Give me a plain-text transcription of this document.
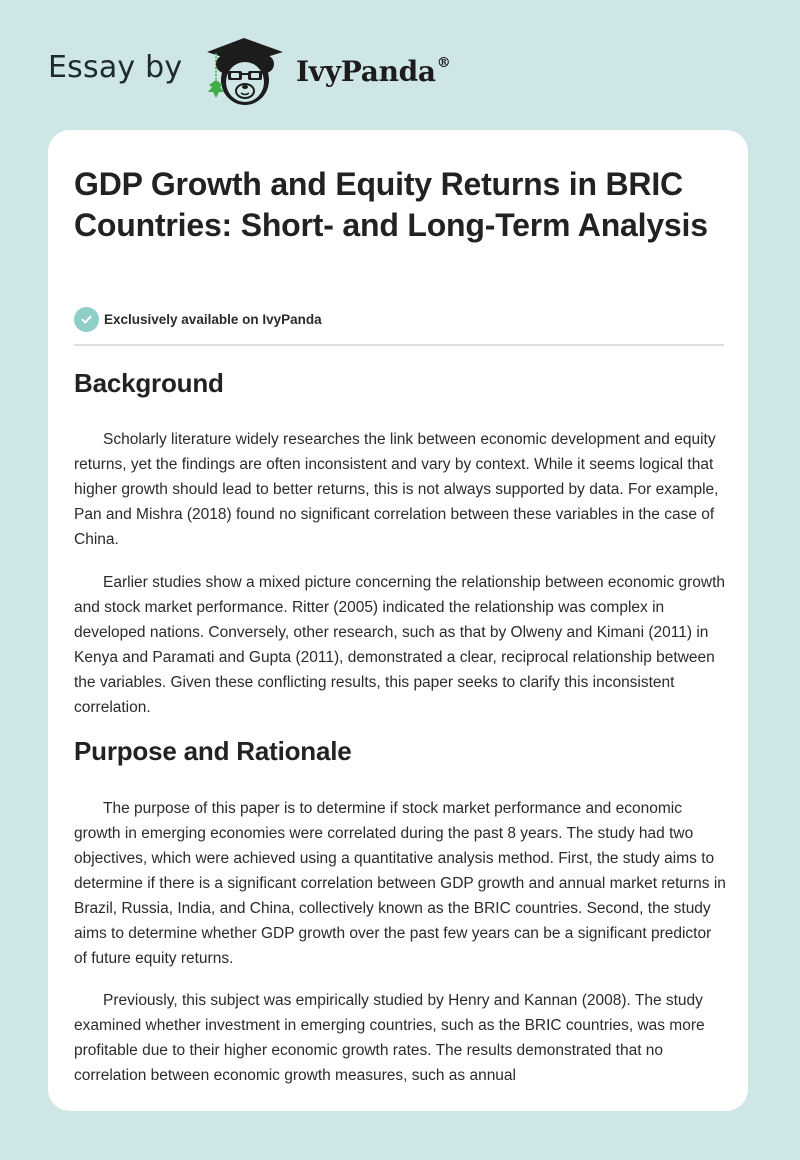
Essay by	IvyPanda®
GDP Growth and Equity Returns in BRIC Countries: Short- and Long-Term Analysis
Exclusively available on IvyPanda
Background

Scholarly literature widely researches the link between economic development and equity returns, yet the findings are often inconsistent and vary by context. While it seems logical that higher growth should lead to better returns, this is not always supported by data. For example, Pan and Mishra (2018) found no significant correlation between these variables in the case of China.

Earlier studies show a mixed picture concerning the relationship between economic growth and stock market performance. Ritter (2005) indicated the relationship was complex in developed nations. Conversely, other research, such as that by Olweny and Kimani (2011) in Kenya and Paramati and Gupta (2011), demonstrated a clear, reciprocal relationship between the variables. Given these conflicting results, this paper seeks to clarify this inconsistent correlation.

Purpose and Rationale

The purpose of this paper is to determine if stock market performance and economic growth in emerging economies were correlated during the past 8 years. The study had two objectives, which were achieved using a quantitative analysis method. First, the study aims to determine if there is a significant correlation between GDP growth and annual market returns in Brazil, Russia, India, and China, collectively known as the BRIC countries. Second, the study aims to determine whether GDP growth over the past few years can be a significant predictor of future equity returns.

Previously, this subject was empirically studied by Henry and Kannan (2008). The study examined whether investment in emerging countries, such as the BRIC countries, was more profitable due to their higher economic growth rates. The results demonstrated that no correlation between economic growth measures, such as annual
